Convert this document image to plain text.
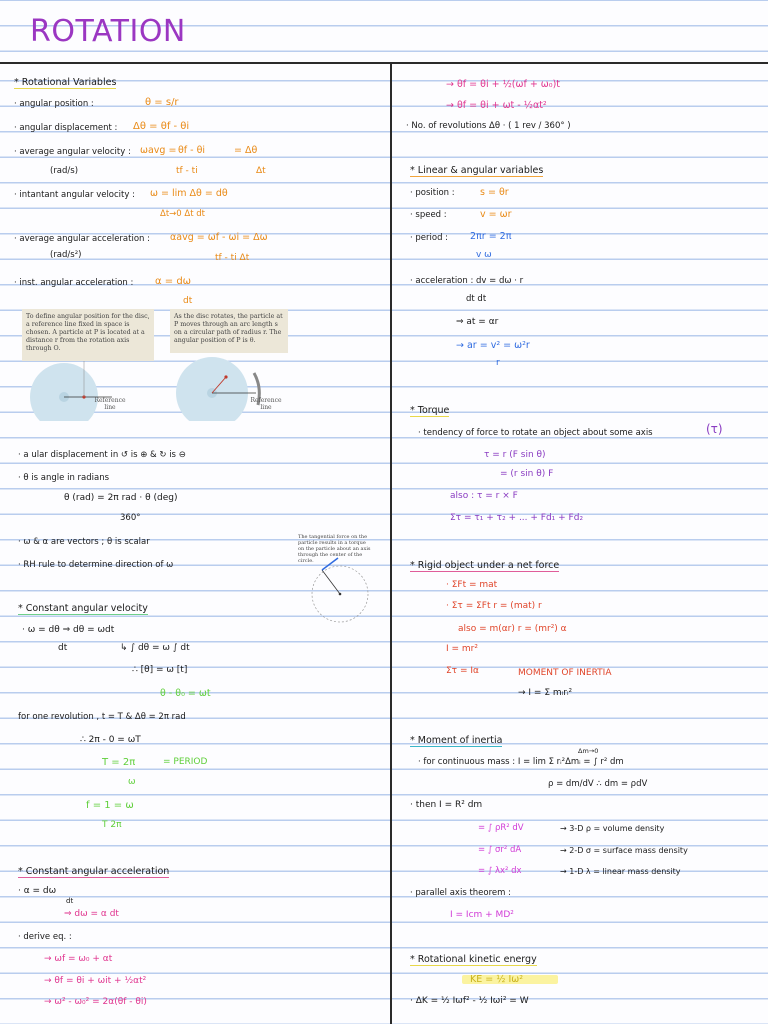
ROTATION
* Rotational Variables
· angular position :	θ = s/r
· angular displacement : Δθ = θf - θi
· average angular velocity : ωavg = θf - θi
tf - ti
= Δθ
Δt
(rad/s)
· intantant angular velocity : ω = lim Δθ = dθ
Δt→0 Δt dt
· average angular acceleration : αavg = ωf - ωi = Δω
tf - ti Δt
(rad/s²)
· inst. angular acceleration : α = dω
dt
To define angular position for the disc, a reference line fixed in space is chosen. A particle at P is located at a distance r from the rotation axis through O.
Reference line
As the disc rotates, the particle at P moves through an arc length s on a circular path of radius r. The angular position of P is θ.
Reference line
· a ular displacement in ↺ is ⊕ & ↻ is ⊖
· θ is angle in radians
θ (rad) = 2π rad · θ (deg)
360°
· ω & α are vectors ; θ is scalar
· RH rule to determine direction of ω
The tangential force on the particle results in a torque on the particle about an axis through the center of the circle.
* Constant angular velocity
· ω = dθ ⇒ dθ = ωdt
dt	↳ ∫ dθ = ω ∫ dt
∴ [θ] = ω [t]
θ - θ₀ = ωt
for one revolution , t = T & Δθ = 2π rad
∴ 2π - 0 = ωT
T = 2π
ω
= PERIOD
f = 1 = ω
T 2π
* Constant angular acceleration
· α = dω
dt
⇒ dω = α dt
· derive eq. :
→ ωf = ω₀ + αt
→ θf = θi + ωit + ½αt²
→ ω² - ω₀² = 2α(θf - θi)
→ θf = θi + ½(ωf + ω₀)t
→ θf = θi + ωt - ½αt²
· No. of revolutions Δθ · ( 1 rev / 360° )
* Linear & angular variables
· position :	s = θr
· speed :	v = ωr
· period : 2πr = 2π
v ω
· acceleration : dv = dω · r
dt dt
⇒ at = αr
→ ar = v² = ω²r
r
* Torque
· tendency of force to rotate an object about some axis	(τ)
τ = r (F sin θ)
= (r sin θ) F
also : τ = r × F
Στ = τ₁ + τ₂ + ... + Fd₁ + Fd₂
* Rigid object under a net force
· ΣFt = mat
· Στ = ΣFt r = (mat) r
also = m(αr) r = (mr²) α
I = mr²
Στ = Iα	MOMENT OF INERTIA
→ I = Σ mᵢrᵢ²
* Moment of inertia
· for continuous mass : I = lim Σ rᵢ²Δmᵢ = ∫ r² dm
Δm→0
ρ = dm/dV ∴ dm = ρdV
· then I = R² dm
= ∫ ρR² dV	→ 3-D ρ = volume density
= ∫ σr² dA	→ 2-D σ = surface mass density
= ∫ λx² dx	→ 1-D λ = linear mass density
· parallel axis theorem :
I = Icm + MD²
* Rotational kinetic energy
KE = ½ Iω²
· ΔK = ½ Iωf² - ½ Iωi² = W
